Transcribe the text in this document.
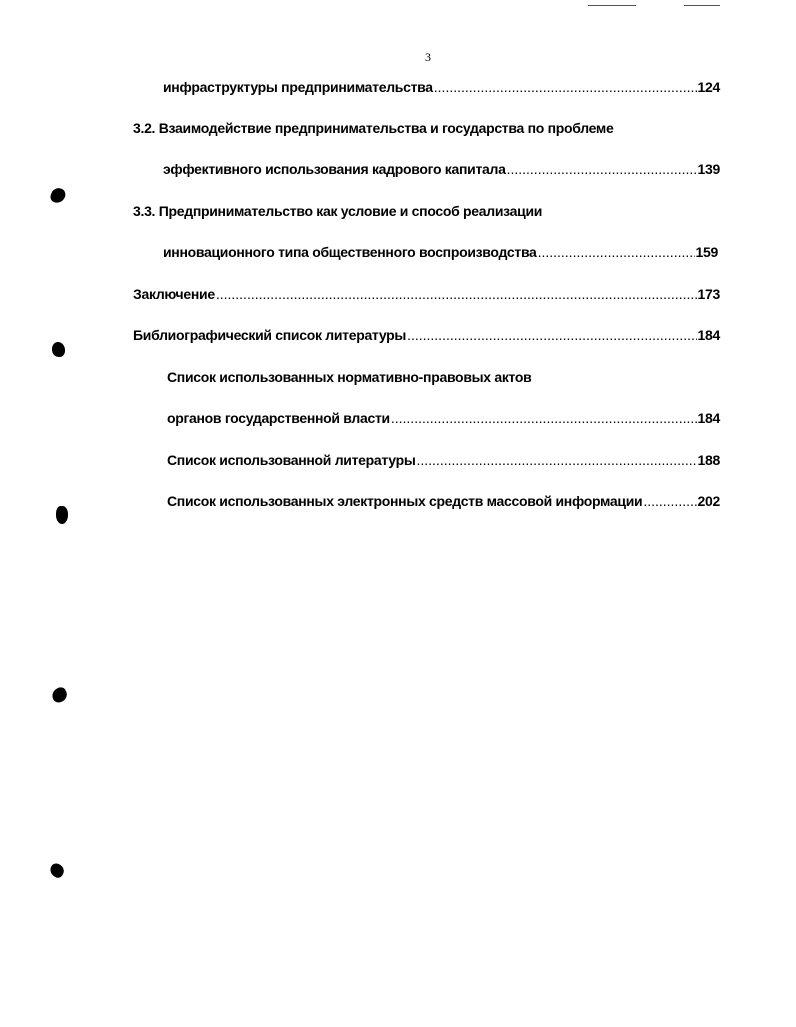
3
инфраструктуры предпринимательства .....	124
3.2. Взаимодействие предпринимательства и государства по проблеме
эффективного использования кадрового капитала .....	139
3.3. Предпринимательство как условие и способ реализации
инновационного типа общественного воспроизводства .....	159
Заключение .....	173
Библиографический список литературы .....	184
Список использованных нормативно-правовых актов
органов государственной власти .....	184
Список использованной литературы .....	188
Список использованных электронных средств массовой информации .....	202
